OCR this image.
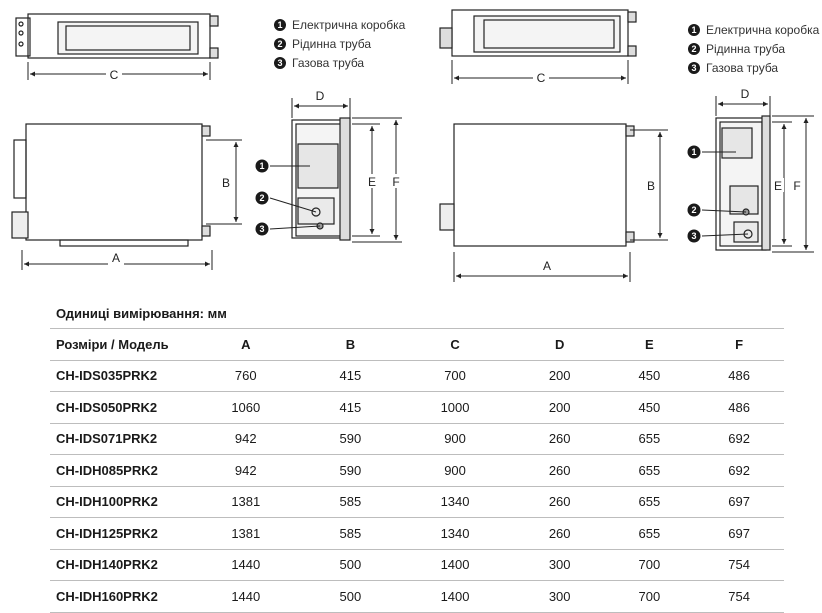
C
A
B
D
E F
1
2
3
C
A
B
D
E F
1
2
3
1 Електрична коробка
2 Рідинна труба
3 Газова труба
1 Електрична коробка
2 Рідинна труба
3 Газова труба
Одиниці вимірювання: мм
Розміри / Модель	A	B	C	D	E	F
CH-IDS035PRK2	760	415	700	200	450	486
CH-IDS050PRK2	1060	415	1000	200	450	486
CH-IDS071PRK2	942	590	900	260	655	692
CH-IDH085PRK2	942	590	900	260	655	692
CH-IDH100PRK2	1381	585	1340	260	655	697
CH-IDH125PRK2	1381	585	1340	260	655	697
CH-IDH140PRK2	1440	500	1400	300	700	754
CH-IDH160PRK2	1440	500	1400	300	700	754
